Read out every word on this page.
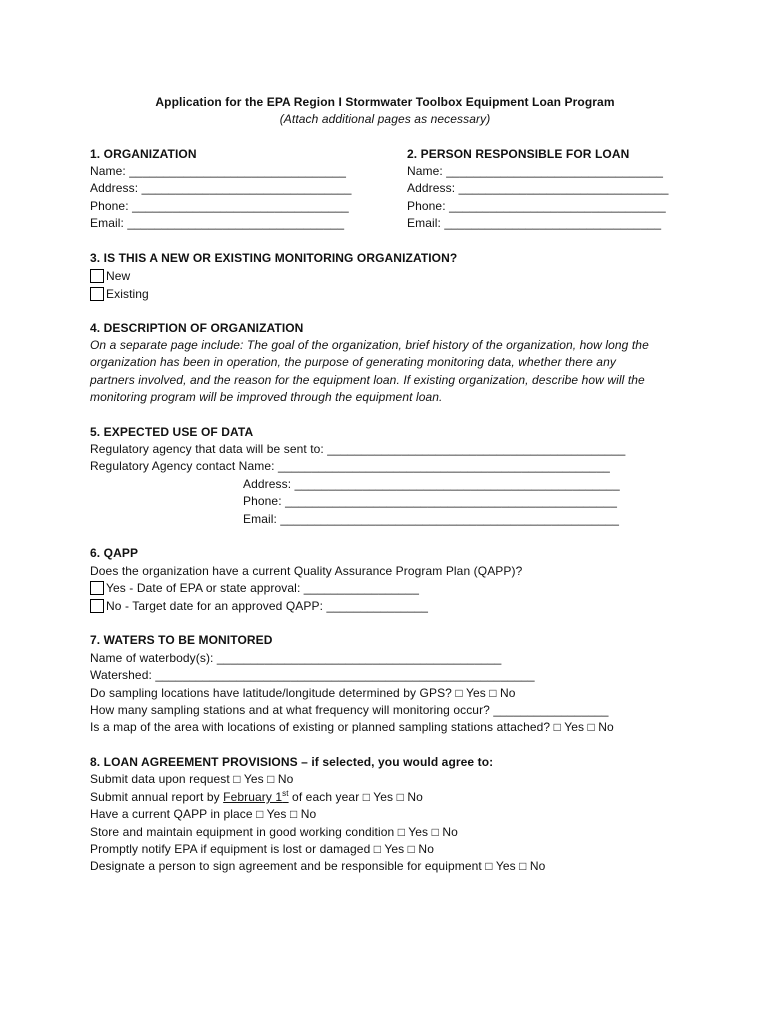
Application for the EPA Region I Stormwater Toolbox Equipment Loan Program
(Attach additional pages as necessary)
1. ORGANIZATION
Name: ________________________________
Address: _______________________________
Phone: ________________________________
Email: ________________________________
2. PERSON RESPONSIBLE FOR LOAN
Name: ________________________________
Address: _______________________________
Phone: ________________________________
Email: ________________________________
3. IS THIS A NEW OR EXISTING MONITORING ORGANIZATION?
New
Existing
4. DESCRIPTION OF ORGANIZATION
On a separate page include: The goal of the organization, brief history of the organization, how long the
organization has been in operation, the purpose of generating monitoring data, whether there any
partners involved, and the reason for the equipment loan. If existing organization, describe how will the
monitoring program will be improved through the equipment loan.
5. EXPECTED USE OF DATA
Regulatory agency that data will be sent to: ____________________________________________
Regulatory Agency contact Name: _________________________________________________
Address: ________________________________________________
Phone: _________________________________________________
Email: __________________________________________________
6. QAPP
Does the organization have a current Quality Assurance Program Plan (QAPP)?
Yes - Date of EPA or state approval: _________________
No - Target date for an approved QAPP: _______________
7. WATERS TO BE MONITORED
Name of waterbody(s): __________________________________________
Watershed: ________________________________________________________
Do sampling locations have latitude/longitude determined by GPS? □ Yes □ No
How many sampling stations and at what frequency will monitoring occur? _________________
Is a map of the area with locations of existing or planned sampling stations attached? □ Yes □ No
8. LOAN AGREEMENT PROVISIONS – if selected, you would agree to:
Submit data upon request □ Yes □ No
Submit annual report by February 1st of each year □ Yes □ No
Have a current QAPP in place □ Yes □ No
Store and maintain equipment in good working condition □ Yes □ No
Promptly notify EPA if equipment is lost or damaged □ Yes □ No
Designate a person to sign agreement and be responsible for equipment □ Yes □ No
